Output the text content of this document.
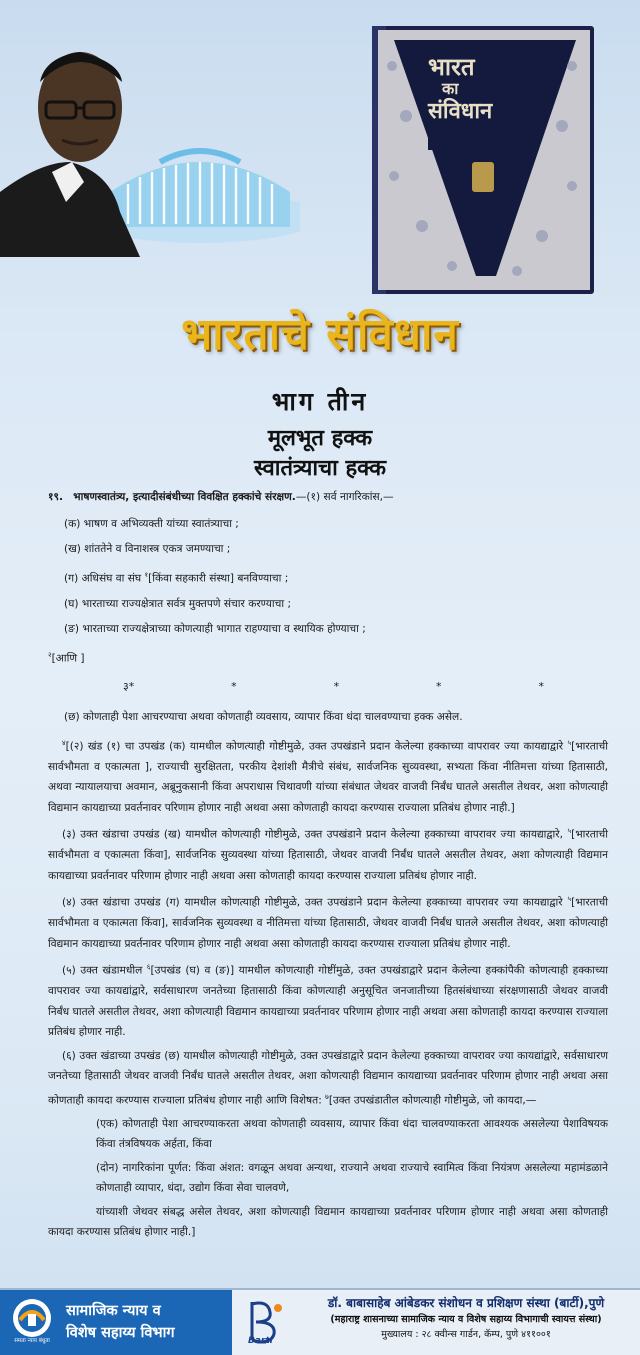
भारत
का
संविधान
भारताचे संविधान
भाग तीन
मूलभूत हक्क
स्वातंत्र्याचा हक्क

१९. भाषणस्वातंत्र्य, इत्यादीसंबंधीच्या विवक्षित हक्कांचे संरक्षण.—(१) सर्व नागरिकांस,—

(क) भाषण व अभिव्यक्ती यांच्या स्वातंत्र्याचा ;

(ख) शांततेने व विनाशस्त्र एकत्र जमण्याचा ;

(ग) अधिसंघ वा संघ $^१$[किंवा सहकारी संस्था] बनविण्याचा ;

(घ) भारताच्या राज्यक्षेत्रात सर्वत्र मुक्तपणे संचार करण्याचा ;

(ङ) भारताच्या राज्यक्षेत्राच्या कोणत्याही भागात राहण्याचा व स्थायिक होण्याचा ;

$^२$[आणि ]

३*	*	*	*	*

(छ) कोणताही पेशा आचरण्याचा अथवा कोणताही व्यवसाय, व्यापार किंवा धंदा चालवण्याचा हक्क असेल.

$^४$[(२) खंड (१) चा उपखंड (क) यामधील कोणत्याही गोष्टीमुळे, उक्त उपखंडाने प्रदान केलेल्या हक्काच्या वापरावर ज्या कायद्याद्वारे $^५$[भारताची सार्वभौमता व एकात्मता ], राज्याची सुरक्षितता, परकीय देशांशी मैत्रीचे संबंध, सार्वजनिक सुव्यवस्था, सभ्यता किंवा नीतिमत्ता यांच्या हितासाठी, अथवा न्यायालयाचा अवमान, अब्रूनुकसानी किंवा अपराधास चिथावणी यांच्या संबंधात जेथवर वाजवी निर्बंध घातले असतील तेथवर, अशा कोणत्याही विद्यमान कायद्याच्या प्रवर्तनावर परिणाम होणार नाही अथवा असा कोणताही कायदा करण्यास राज्याला प्रतिबंध होणार नाही.]

(३) उक्त खंडाचा उपखंड (ख) यामधील कोणत्याही गोष्टीमुळे, उक्त उपखंडाने प्रदान केलेल्या हक्काच्या वापरावर ज्या कायद्याद्वारे, $^५$[भारताची सार्वभौमता व एकात्मता किंवा], सार्वजनिक सुव्यवस्था यांच्या हितासाठी, जेथवर वाजवी निर्बंध घातले असतील तेथवर, अशा कोणत्याही विद्यमान कायद्याच्या प्रवर्तनावर परिणाम होणार नाही अथवा असा कोणताही कायदा करण्यास राज्याला प्रतिबंध होणार नाही.

(४) उक्त खंडाचा उपखंड (ग) यामधील कोणत्याही गोष्टीमुळे, उक्त उपखंडाने प्रदान केलेल्या हक्काच्या वापरावर ज्या कायद्याद्वारे $^५$[भारताची सार्वभौमता व एकात्मता किंवा], सार्वजनिक सुव्यवस्था व नीतिमत्ता यांच्या हितासाठी, जेथवर वाजवी निर्बंध घातले असतील तेथवर, अशा कोणत्याही विद्यमान कायद्याच्या प्रवर्तनावर परिणाम होणार नाही अथवा असा कोणताही कायदा करण्यास राज्याला प्रतिबंध होणार नाही.

(५) उक्त खंडामधील $^६$[उपखंड (घ) व (ङ)] यामधील कोणत्याही गोष्टींमुळे, उक्त उपखंडाद्वारे प्रदान केलेल्या हक्कांपैकी कोणत्याही हक्काच्या वापरावर ज्या कायद्यांद्वारे, सर्वसाधारण जनतेच्या हितासाठी किंवा कोणत्याही अनुसूचित जनजातीच्या हितसंबंधाच्या संरक्षणासाठी जेथवर वाजवी निर्बंध घातले असतील तेथवर, अशा कोणत्याही विद्यमान कायद्याच्या प्रवर्तनावर परिणाम होणार नाही अथवा असा कोणताही कायदा करण्यास राज्याला प्रतिबंध होणार नाही.

(६) उक्त खंडाच्या उपखंड (छ) यामधील कोणत्याही गोष्टीमुळे, उक्त उपखंडाद्वारे प्रदान केलेल्या हक्काच्या वापरावर ज्या कायद्यांद्वारे, सर्वसाधारण जनतेच्या हितासाठी जेथवर वाजवी निर्बंध घातले असतील तेथवर, अशा कोणत्याही विद्यमान कायद्याच्या प्रवर्तनावर परिणाम होणार नाही अथवा असा कोणताही कायदा करण्यास राज्याला प्रतिबंध होणार नाही आणि विशेषत: $^७$[उक्त उपखंडातील कोणत्याही गोष्टीमुळे, जो कायदा,—

(एक) कोणताही पेशा आचरण्याकरता अथवा कोणताही व्यवसाय, व्यापार किंवा धंदा चालवण्याकरता आवश्यक असलेल्या पेशाविषयक किंवा तंत्रविषयक अर्हता, किंवा

(दोन) नागरिकांना पूर्णत: किंवा अंशत: वगळून अथवा अन्यथा, राज्याने अथवा राज्याचे स्वामित्व किंवा नियंत्रण असलेल्या महामंडळाने कोणताही व्यापार, धंदा, उद्योग किंवा सेवा चालवणे,

यांच्याशी जेथवर संबद्ध असेल तेथवर, अशा कोणत्याही विद्यमान कायद्याच्या प्रवर्तनावर परिणाम होणार नाही अथवा असा कोणताही कायदा करण्यास प्रतिबंध होणार नाही.]

समता न्याय बंधुता
सामाजिक न्याय व
विशेष सहाय्य विभाग	Barti
डॉ. बाबासाहेब आंबेडकर संशोधन व प्रशिक्षण संस्था (बार्टी),पुणे
(महाराष्ट्र शासनाच्या सामाजिक न्याय व विशेष सहाय्य विभागाची स्वायत्त संस्था)
मुख्यालय : २८ क्वीन्स गार्डन, कॅम्प, पुणे ४११००१
